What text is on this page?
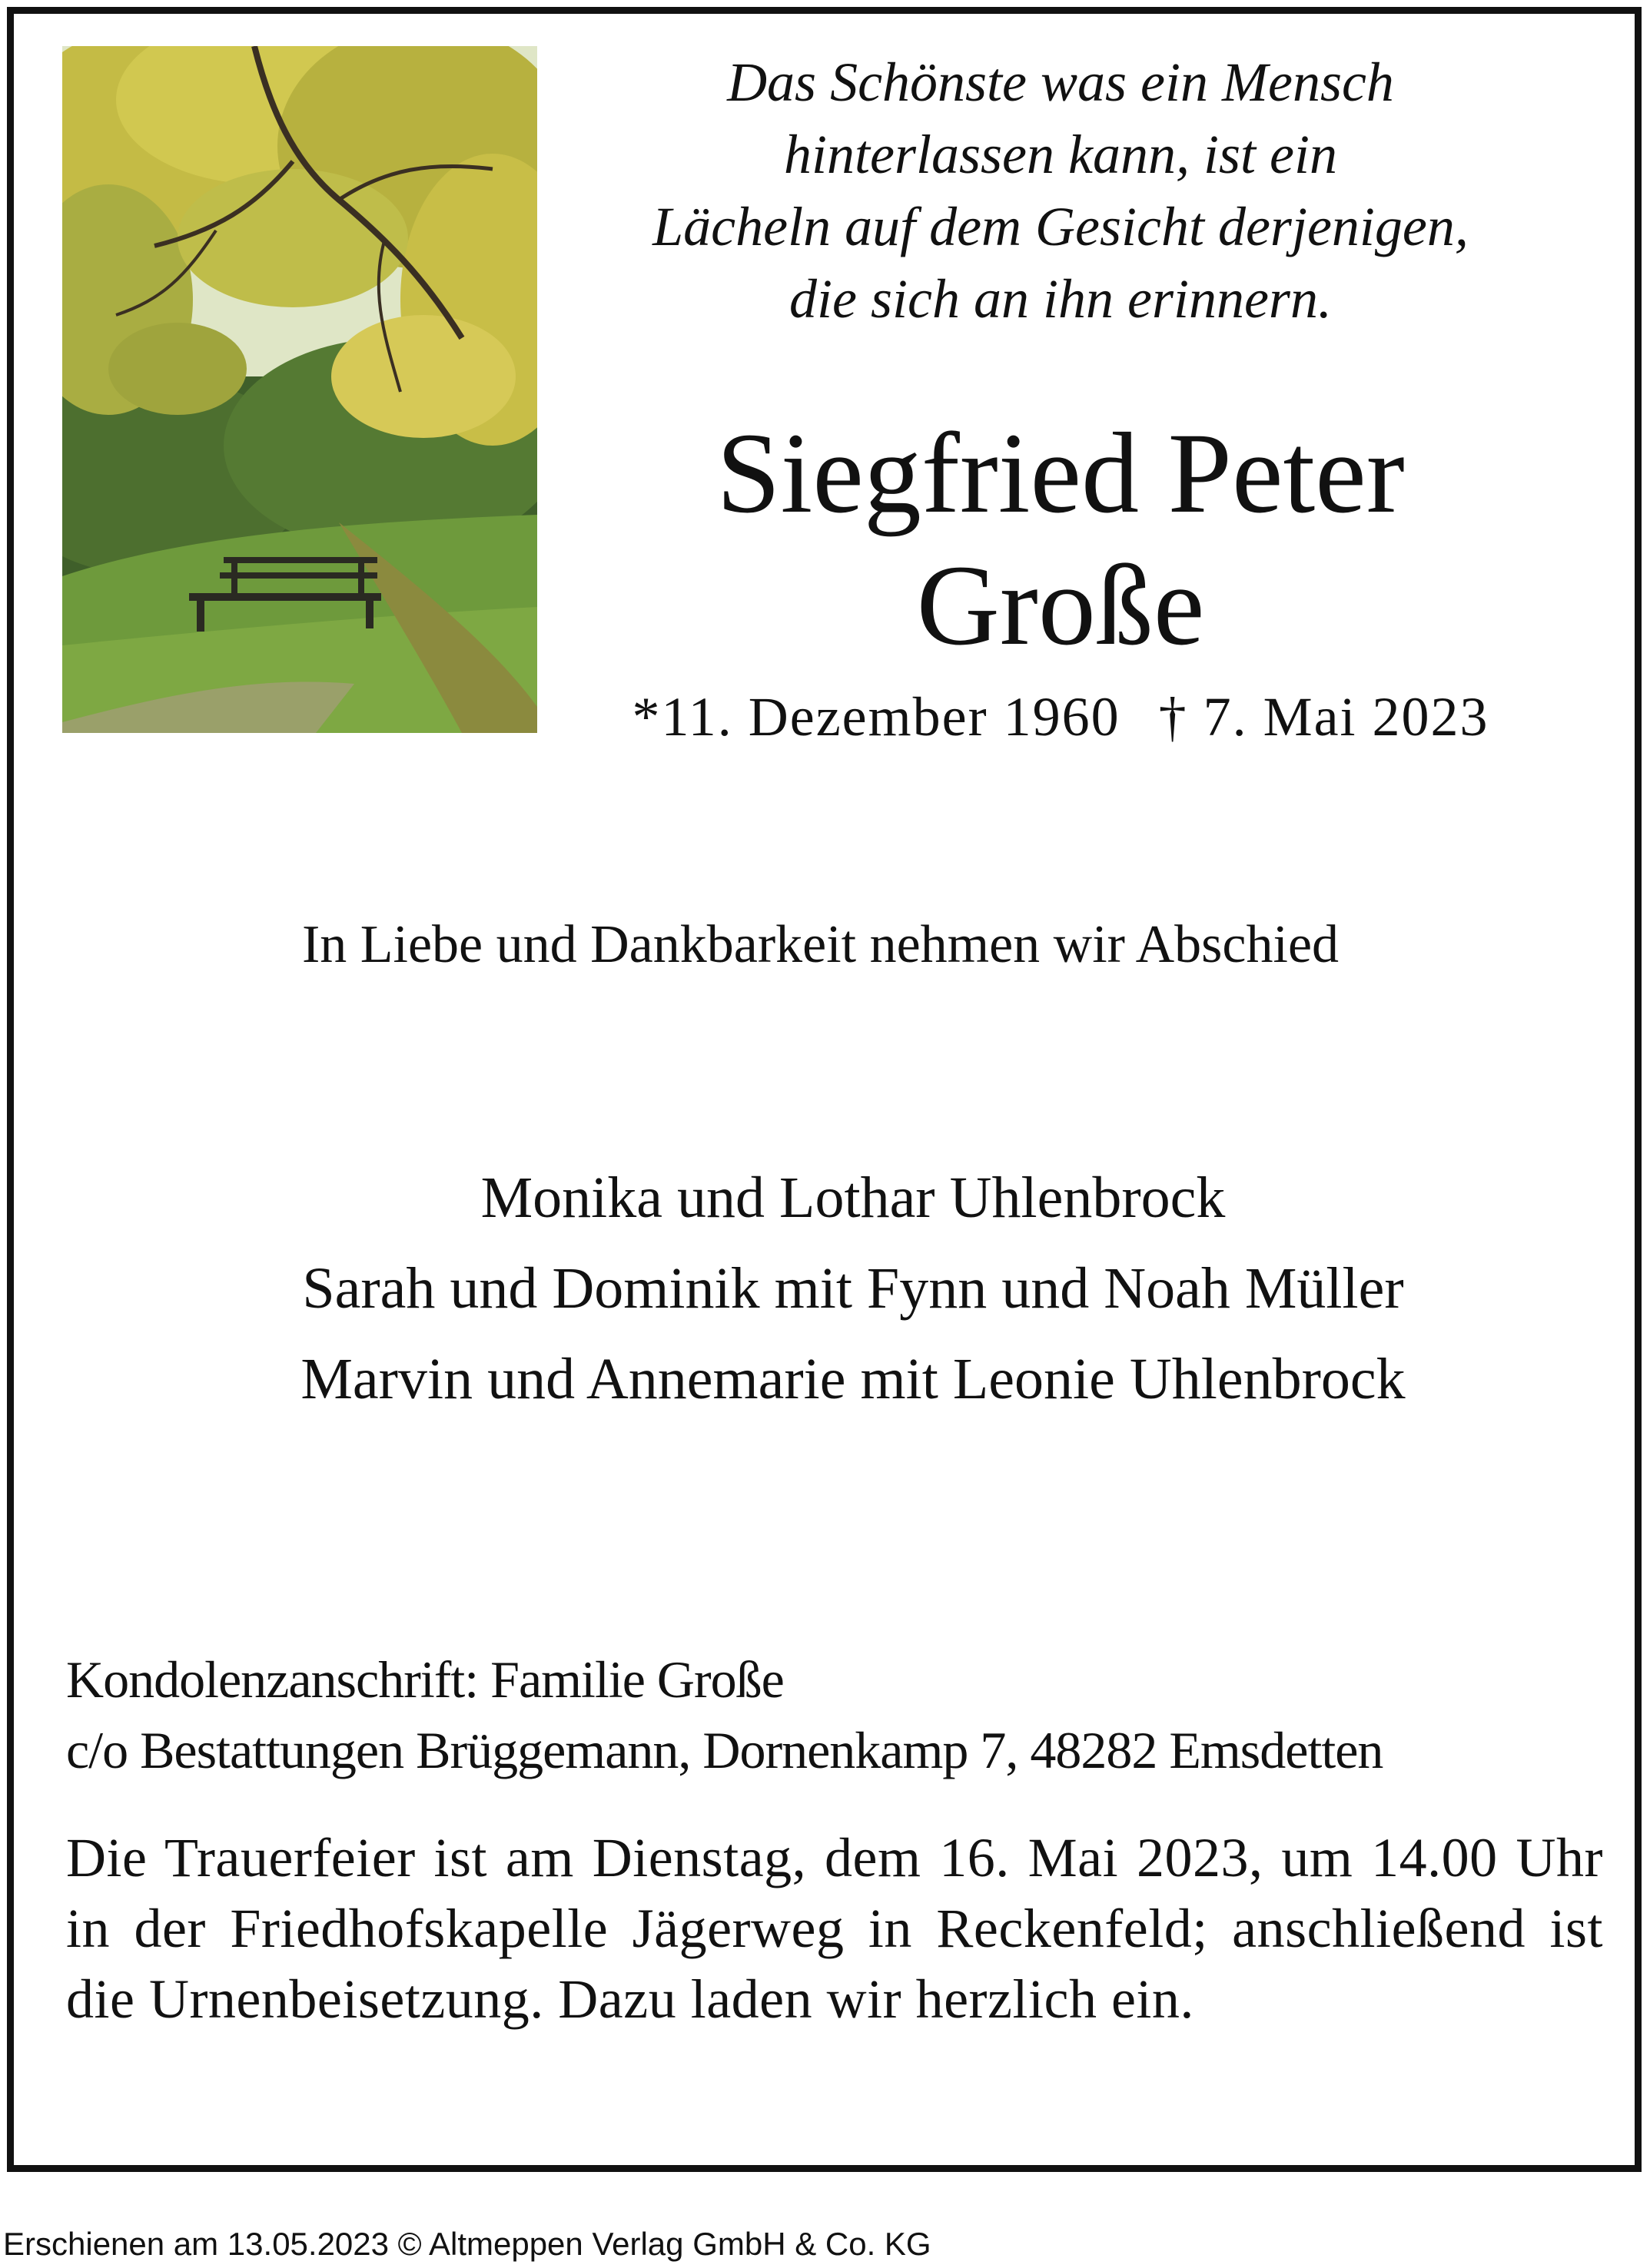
Das Schönste was ein Mensch
hinterlassen kann, ist ein
Lächeln auf dem Gesicht derjenigen,
die sich an ihn erinnern.
Siegfried Peter
Große
*11. Dezember 1960 † 7. Mai 2023
In Liebe und Dankbarkeit nehmen wir Abschied
Monika und Lothar Uhlenbrock
Sarah und Dominik mit Fynn und Noah Müller
Marvin und Annemarie mit Leonie Uhlenbrock
Kondolenzanschrift: Familie Große
c/o Bestattungen Brüggemann, Dornenkamp 7, 48282 Emsdetten
Die Trauerfeier ist am Dienstag, dem 16. Mai 2023, um 14.00 Uhr in der Friedhofskapelle Jägerweg in Reckenfeld; anschließend ist die Urnenbeisetzung. Dazu laden wir herzlich ein.
Erschienen am 13.05.2023 © Altmeppen Verlag GmbH & Co. KG
